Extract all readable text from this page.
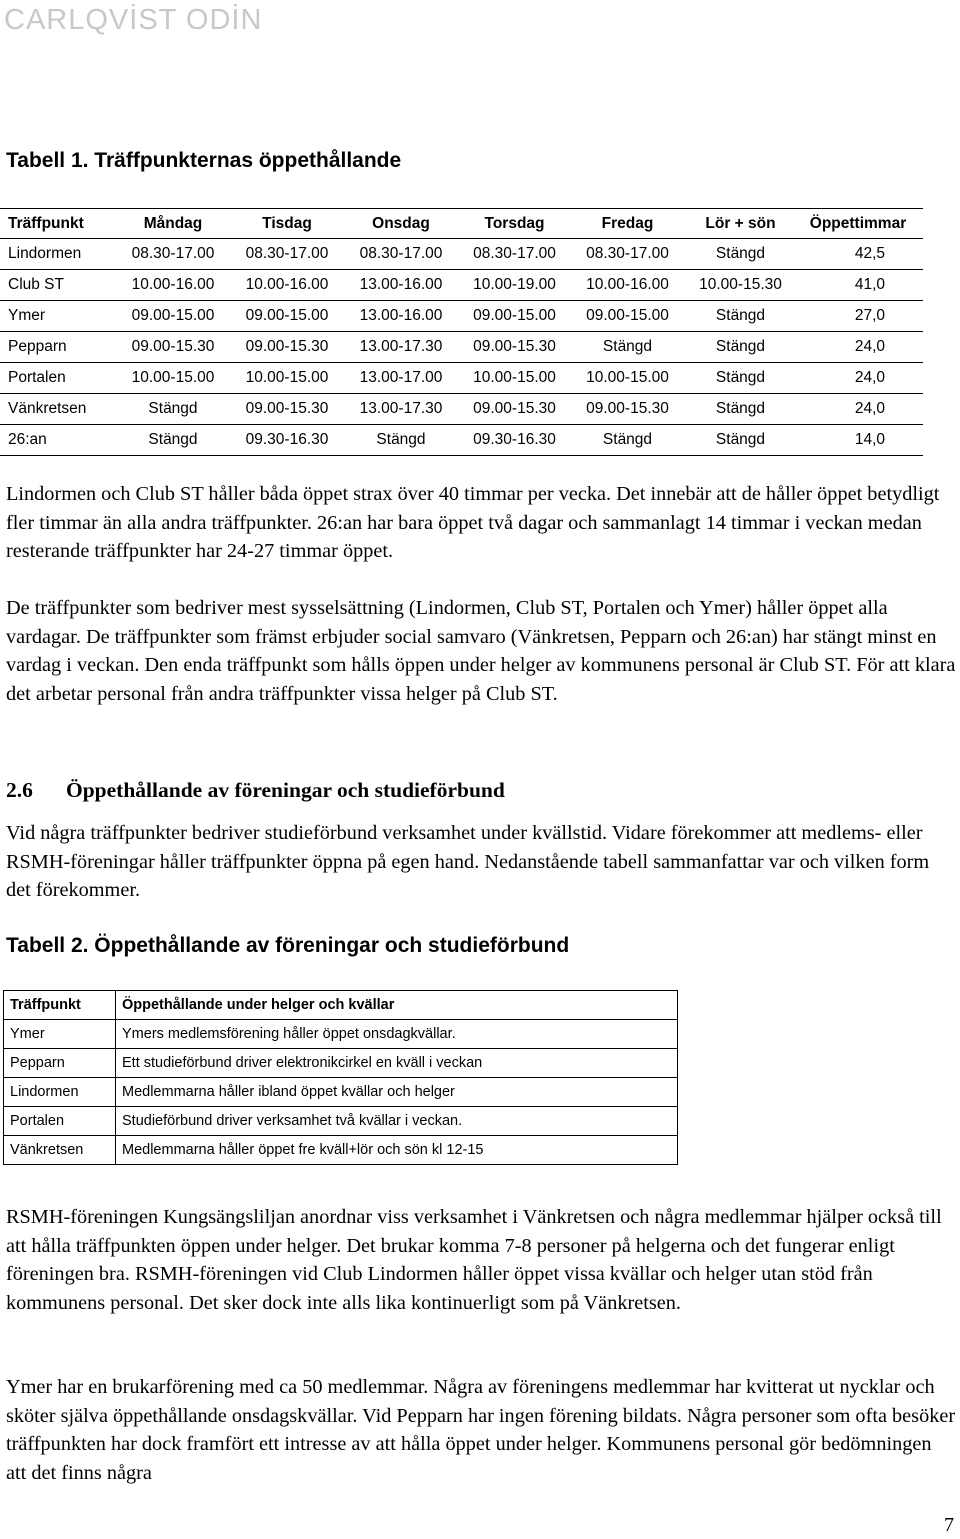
CARLQVİST ODİN
Tabell 1. Träffpunkternas öppethållande
Träffpunkt	Måndag	Tisdag	Onsdag	Torsdag	Fredag	Lör + sön	Öppettimmar
Lindormen	08.30-17.00	08.30-17.00	08.30-17.00	08.30-17.00	08.30-17.00	Stängd	42,5
Club ST	10.00-16.00	10.00-16.00	13.00-16.00	10.00-19.00	10.00-16.00	10.00-15.30	41,0
Ymer	09.00-15.00	09.00-15.00	13.00-16.00	09.00-15.00	09.00-15.00	Stängd	27,0
Pepparn	09.00-15.30	09.00-15.30	13.00-17.30	09.00-15.30	Stängd	Stängd	24,0
Portalen	10.00-15.00	10.00-15.00	13.00-17.00	10.00-15.00	10.00-15.00	Stängd	24,0
Vänkretsen	Stängd	09.00-15.30	13.00-17.30	09.00-15.30	09.00-15.30	Stängd	24,0
26:an	Stängd	09.30-16.30	Stängd	09.30-16.30	Stängd	Stängd	14,0

Lindormen och Club ST håller båda öppet strax över 40 timmar per vecka. Det innebär att de håller öppet betydligt fler timmar än alla andra träffpunkter. 26:an har bara öppet två dagar och sammanlagt 14 timmar i veckan medan resterande träffpunkter har 24-27 timmar öppet.

De träffpunkter som bedriver mest sysselsättning (Lindormen, Club ST, Portalen och Ymer) håller öppet alla vardagar. De träffpunkter som främst erbjuder social samvaro (Vänkretsen, Pepparn och 26:an) har stängt minst en vardag i veckan. Den enda träffpunkt som hålls öppen under helger av kommunens personal är Club ST. För att klara det arbetar personal från andra träffpunkter vissa helger på Club ST.

2.6 Öppethållande av föreningar och studieförbund

Vid några träffpunkter bedriver studieförbund verksamhet under kvällstid. Vidare förekommer att medlems- eller RSMH-föreningar håller träffpunkter öppna på egen hand. Nedanstående tabell sammanfattar var och vilken form det förekommer.

Tabell 2. Öppethållande av föreningar och studieförbund
Träffpunkt	Öppethållande under helger och kvällar
Ymer	Ymers medlemsförening håller öppet onsdagkvällar.
Pepparn	Ett studieförbund driver elektronikcirkel en kväll i veckan
Lindormen	Medlemmarna håller ibland öppet kvällar och helger
Portalen	Studieförbund driver verksamhet två kvällar i veckan.
Vänkretsen	Medlemmarna håller öppet fre kväll+lör och sön kl 12-15

RSMH-föreningen Kungsängsliljan anordnar viss verksamhet i Vänkretsen och några medlemmar hjälper också till att hålla träffpunkten öppen under helger. Det brukar komma 7-8 personer på helgerna och det fungerar enligt föreningen bra. RSMH-föreningen vid Club Lindormen håller öppet vissa kvällar och helger utan stöd från kommunens personal. Det sker dock inte alls lika kontinuerligt som på Vänkretsen.

Ymer har en brukarförening med ca 50 medlemmar. Några av föreningens medlemmar har kvitterat ut nycklar och sköter själva öppethållande onsdagskvällar. Vid Pepparn har ingen förening bildats. Några personer som ofta besöker träffpunkten har dock framfört ett intresse av att hålla öppet under helger. Kommunens personal gör bedömningen att det finns några

7
